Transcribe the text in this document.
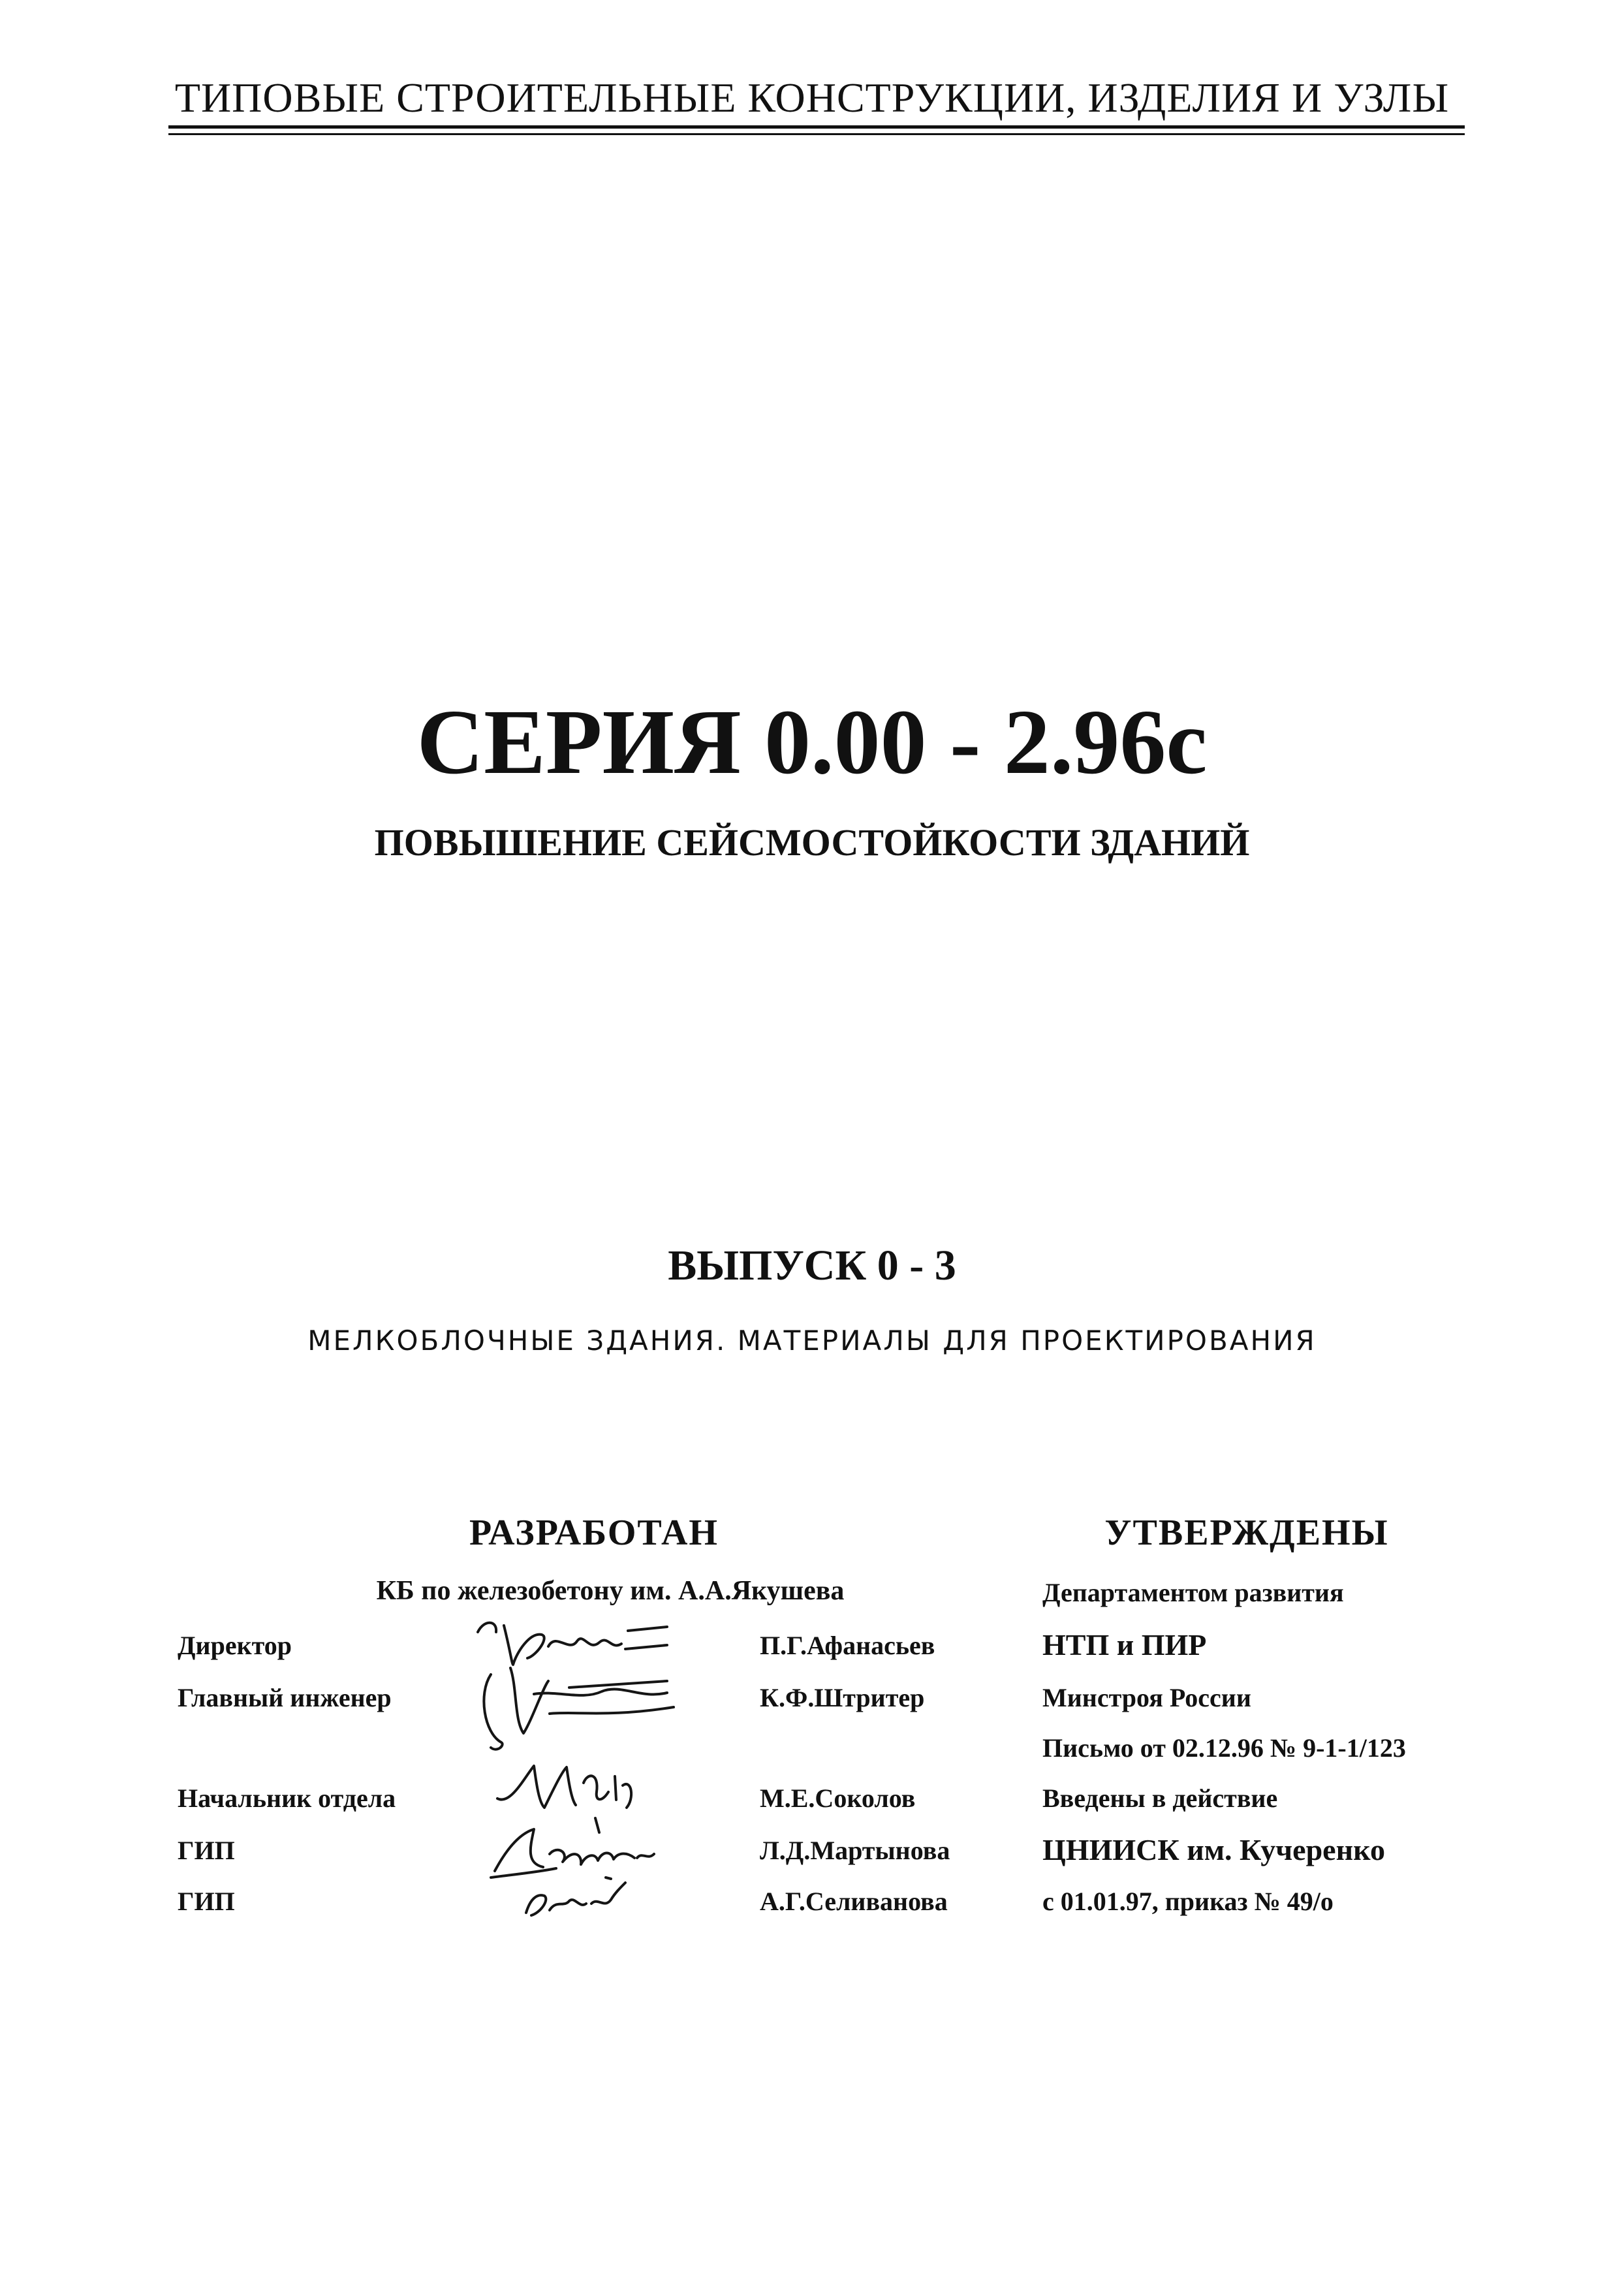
ТИПОВЫЕ СТРОИТЕЛЬНЫЕ КОНСТРУКЦИИ, ИЗДЕЛИЯ И УЗЛЫ
СЕРИЯ 0.00 - 2.96с
ПОВЫШЕНИЕ СЕЙСМОСТОЙКОСТИ ЗДАНИЙ
ВЫПУСК 0 - 3
МЕЛКОБЛОЧНЫЕ ЗДАНИЯ. МАТЕРИАЛЫ ДЛЯ ПРОЕКТИРОВАНИЯ
РАЗРАБОТАН	УТВЕРЖДЕНЫ
КБ по железобетону им. А.А.Якушева
Директор
Главный инженер
Начальник отдела
ГИП
ГИП
П.Г.Афанасьев
К.Ф.Штритер
М.Е.Соколов
Л.Д.Мартынова
А.Г.Селиванова
Департаментом развития
НТП и ПИР
Минстроя России
Письмо от 02.12.96 № 9-1-1/123
Введены в действие
ЦНИИСК им. Кучеренко
с 01.01.97, приказ № 49/о
